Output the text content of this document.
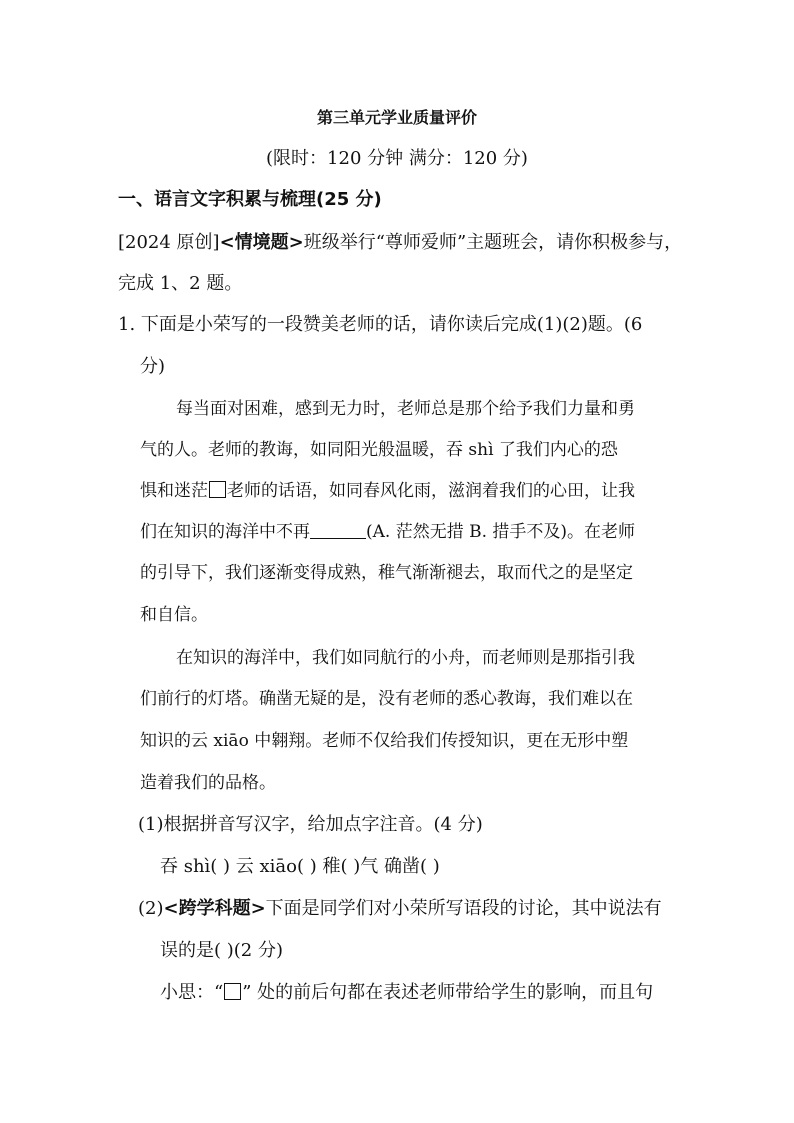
第三单元学业质量评价
(限时：120 分钟 满分：120 分)
一、语言文字积累与梳理(25 分)
[2024 原创]<情境题>班级举行“尊师爱师”主题班会，请你积极参与，
完成 1、2 题。
1. 下面是小荣写的一段赞美老师的话，请你读后完成(1)(2)题。(6
分)
每当面对困难，感到无力时，老师总是那个给予我们力量和勇
气的人。老师的教诲，如同阳光般温暖，吞 shì 了我们内心的恐
惧和迷茫 老师的话语，如同春风化雨，滋润着我们的心田，让我
们在知识的海洋中不再	(A. 茫然无措 B. 措手不及)。在老师
的引导下，我们逐渐变得成熟，稚气渐渐褪去，取而代之的是坚定
和自信。
在知识的海洋中，我们如同航行的小舟，而老师则是那指引我
们前行的灯塔。确凿无疑的是，没有老师的悉心教诲，我们难以在
知识的云 xiāo 中翱翔。老师不仅给我们传授知识，更在无形中塑
造着我们的品格。
(1)根据拼音写汉字，给加点字注音。(4 分)
吞 shì( ) 云 xiāo( ) 稚( )气 确凿( )
(2)<跨学科题>下面是同学们对小荣所写语段的讨论，其中说法有
误的是( )(2 分)
小思：“ ” 处的前后句都在表述老师带给学生的影响，而且句
